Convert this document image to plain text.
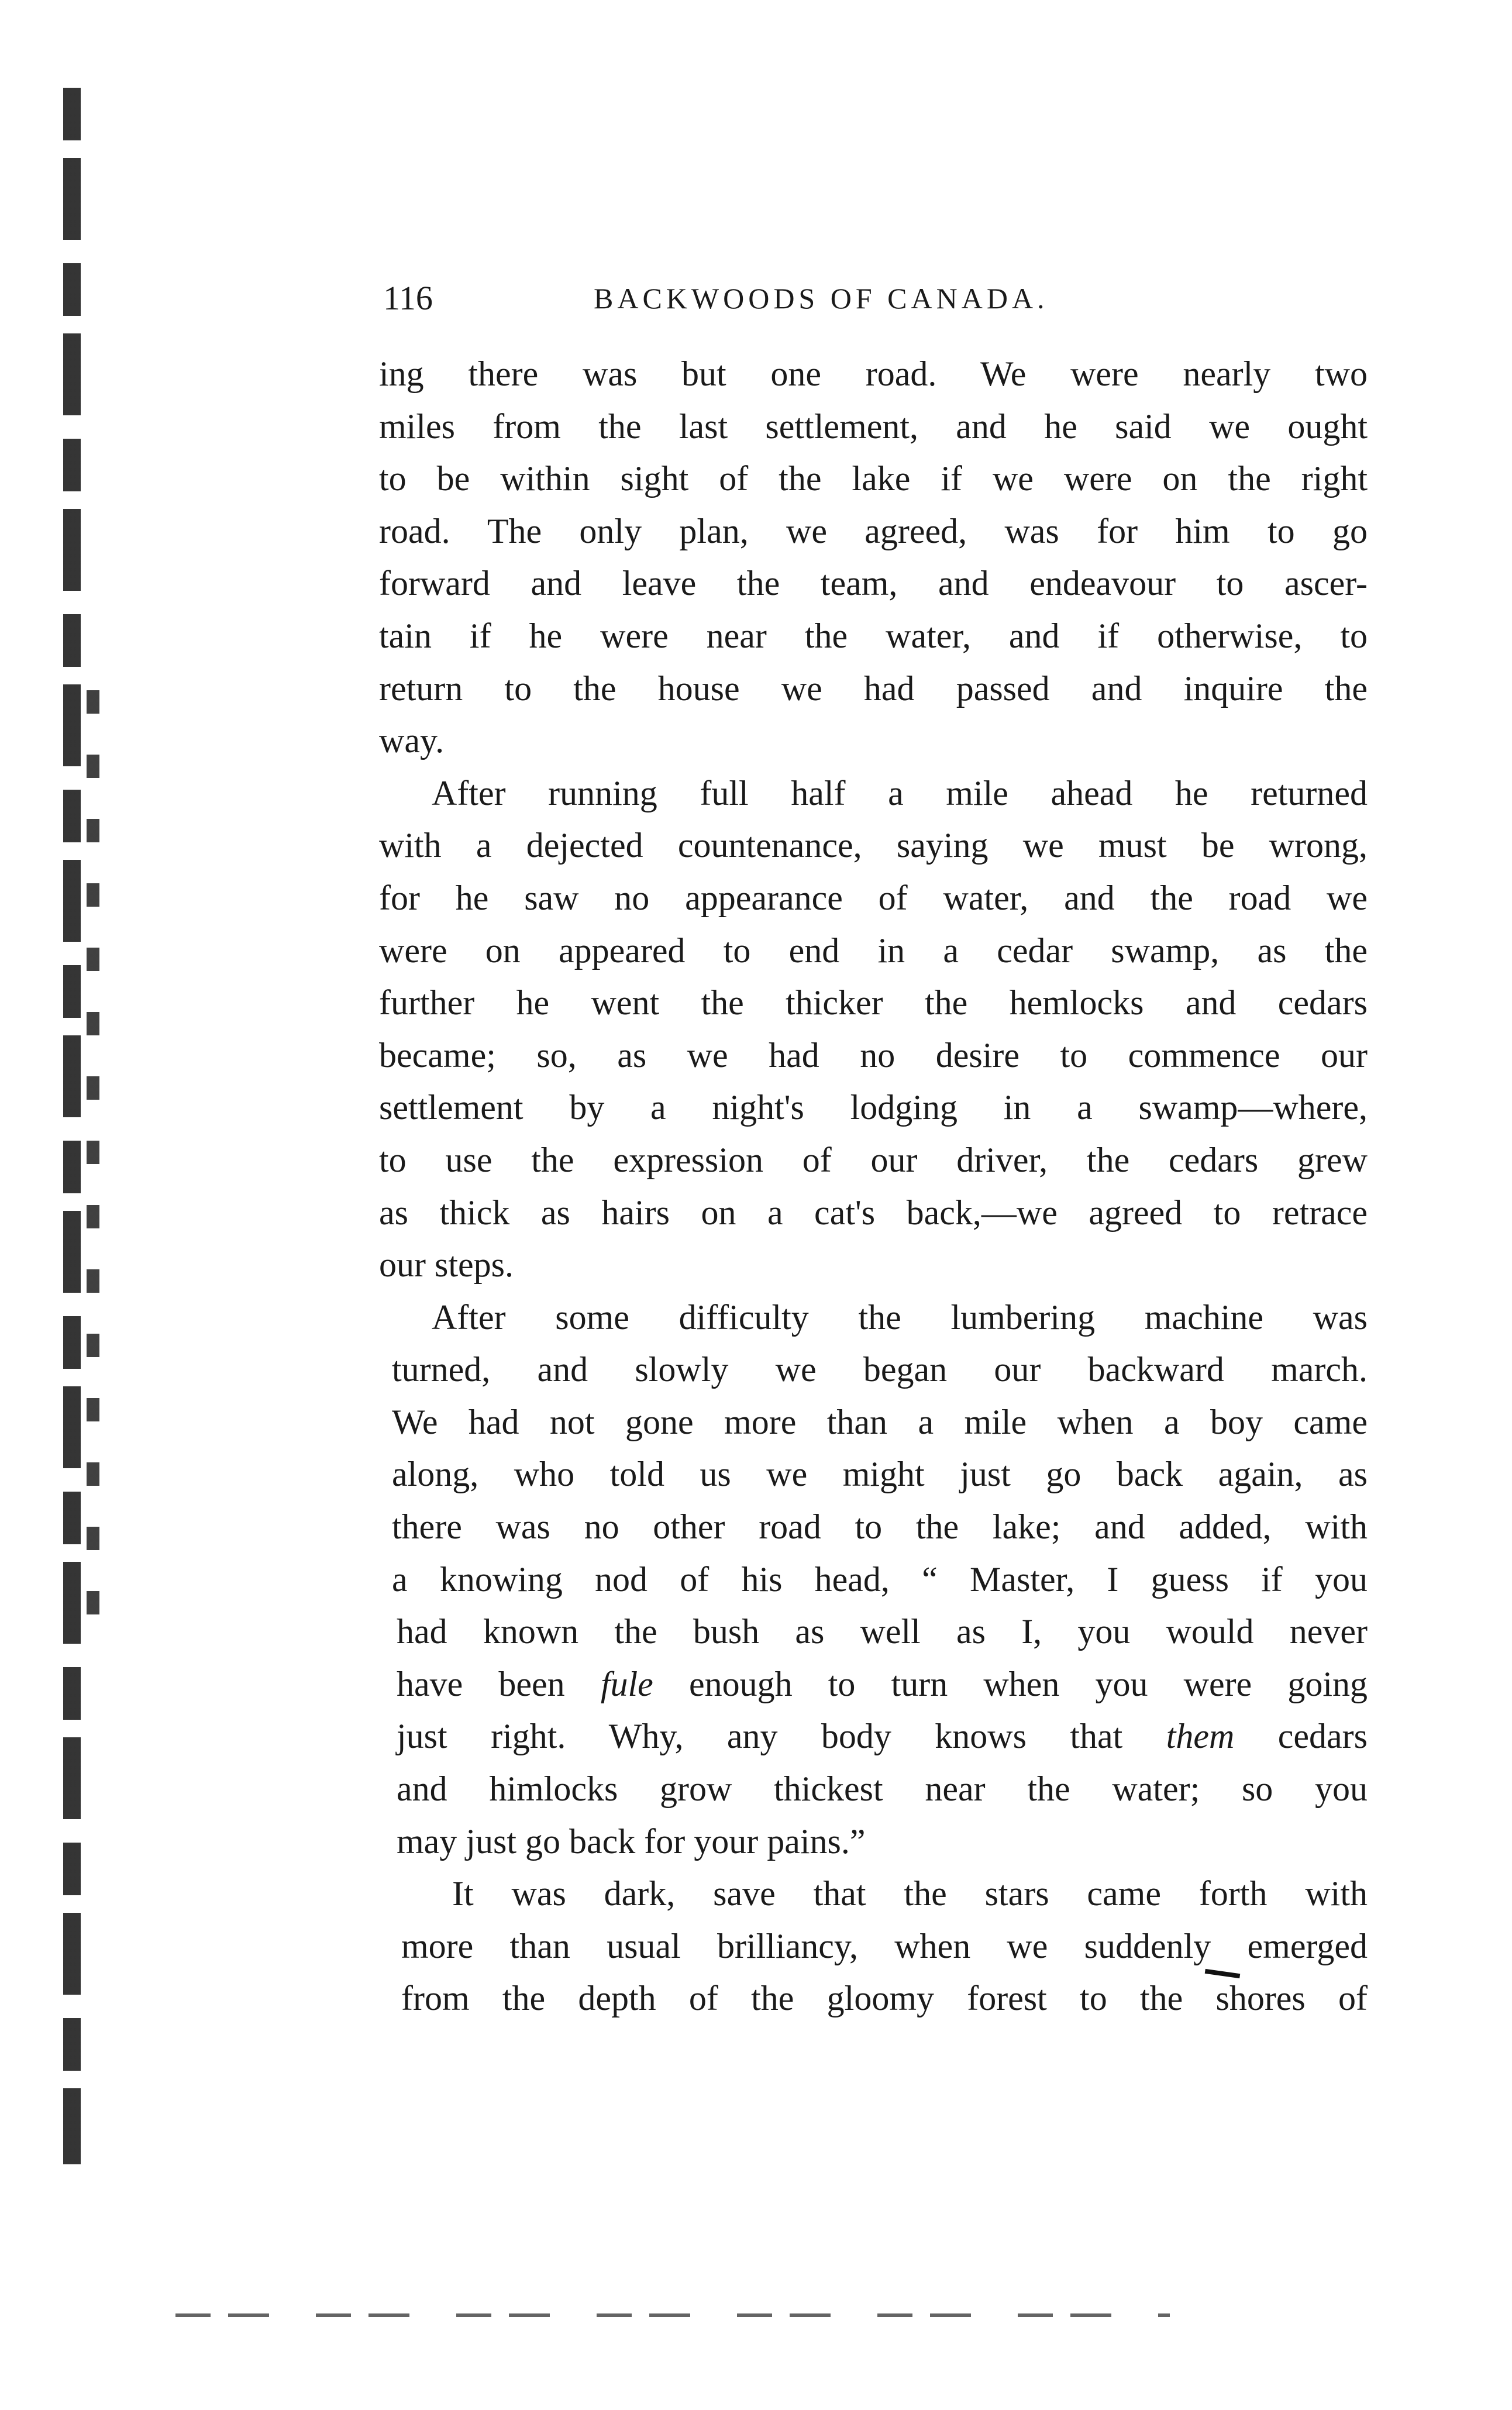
116	BACKWOODS OF CANADA.
ing there was but one road. We were nearly two
miles from the last settlement, and he said we ought
to be within sight of the lake if we were on the right
road. The only plan, we agreed, was for him to go
forward and leave the team, and endeavour to ascer-
tain if he were near the water, and if otherwise, to
return to the house we had passed and inquire the
way.
After running full half a mile ahead he returned
with a dejected countenance, saying we must be wrong,
for he saw no appearance of water, and the road we
were on appeared to end in a cedar swamp, as the
further he went the thicker the hemlocks and cedars
became; so, as we had no desire to commence our
settlement by a night's lodging in a swamp—where,
to use the expression of our driver, the cedars grew
as thick as hairs on a cat's back,—we agreed to retrace
our steps.
After some difficulty the lumbering machine was
turned, and slowly we began our backward march.
We had not gone more than a mile when a boy came
along, who told us we might just go back again, as
there was no other road to the lake; and added, with
a knowing nod of his head, “ Master, I guess if you
had known the bush as well as I, you would never
have been fule enough to turn when you were going
just right. Why, any body knows that them cedars
and himlocks grow thickest near the water; so you
may just go back for your pains.”
It was dark, save that the stars came forth with
more than usual brilliancy, when we suddenly emerged
from the depth of the gloomy forest to the shores of
